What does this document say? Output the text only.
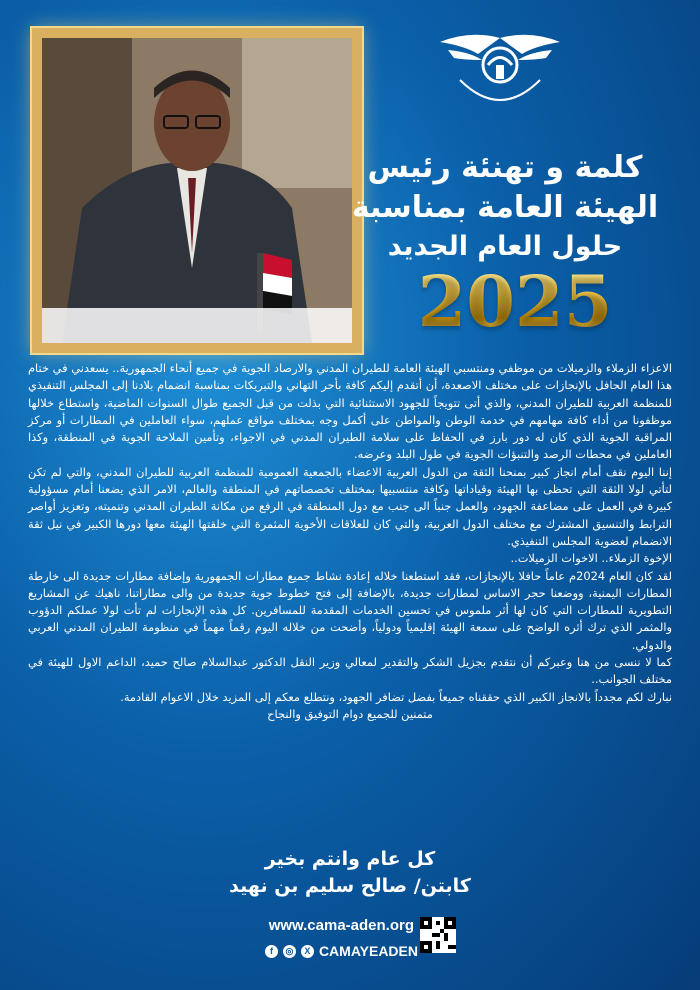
كلمة و تهنئة رئيس
الهيئة العامة بمناسبة
حلول العام الجديد
2025

الاعزاء الزملاء والزميلات من موظفي ومنتسبي الهيئة العامة للطيران المدني والارصاد الجوية في جميع أنحاء الجمهورية.. يسعدني في ختام هذا العام الحافل بالإنجازات على مختلف الاصعدة، أن أتقدم إليكم كافة بأحر التهاني والتبريكات بمناسبة انضمام بلادنا إلى المجلس التنفيذي للمنظمة العربية للطيران المدني، والذي أتى تتويجاً للجهود الاستثنائية التي بذلت من قبل الجميع طوال السنوات الماضية، واستطاع خلالها موظفونا من أداء كافة مهامهم في خدمة الوطن والمواطن على أكمل وجه بمختلف مواقع عملهم، سواء العاملين في المطارات أو مركز المراقبة الجوية الذي كان له دور بارز في الحفاظ على سلامة الطيران المدني في الاجواء، وتأمين الملاحة الجوية في المنطقة، وكذا العاملين في محطات الرصد والتنبؤات الجوية في طول البلد وعرضه.

إننا اليوم نقف أمام انجاز كبير بمنحنا الثقة من الدول العربية الاعضاء بالجمعية العمومية للمنظمة العربية للطيران المدني، والتي لم تكن لتأتي لولا الثقة التي تحظى بها الهيئة وقياداتها وكافة منتسبيها بمختلف تخصصاتهم في المنطقة والعالم، الامر الذي يضعنا أمام مسؤولية كبيرة في العمل على مضاعفة الجهود، والعمل جنباً الى جنب مع دول المنطقة في الرفع من مكانة الطيران المدني وتنميته، وتعزيز أواصر الترابط والتنسيق المشترك مع مختلف الدول العربية، والتي كان للعلاقات الأخوية المثمرة التي خلقتها الهيئة معها دورها الكبير في نيل ثقة الانضمام لعضوية المجلس التنفيذي.

الإخوة الزملاء.. الاخوات الزميلات..

لقد كان العام 2024م عاماً حافلا بالإنجازات، فقد استطعنا خلاله إعادة نشاط جميع مطارات الجمهورية وإضافة مطارات جديدة الى خارطة المطارات اليمنية، ووضعنا حجر الاساس لمطارات جديدة، بالإضافة إلى فتح خطوط جوية جديدة من والى مطاراتنا، ناهيك عن المشاريع التطويرية للمطارات التي كان لها أثر ملموس في تحسين الخدمات المقدمة للمسافرين. كل هذه الإنجازات لم تأت لولا عملكم الدؤوب والمثمر الذي ترك أثره الواضح على سمعة الهيئة إقليمياً ودولياً، وأضحت من خلاله اليوم رقماً مهماً في منظومة الطيران المدني العربي والدولي.

كما لا ننسى من هنا وعبركم أن نتقدم بجزيل الشكر والتقدير لمعالي وزير النقل الدكتور عبدالسلام صالح حميد، الداعم الاول للهيئة في مختلف الجوانب..

نبارك لكم مجدداً بالانجاز الكبير الذي حققناه جميعاً بفضل تضافر الجهود، ونتطلع معكم إلى المزيد خلال الاعوام القادمة.

متمنين للجميع دوام التوفيق والنجاح

كل عام وانتم بخير
كابتن/ صالح سليم بن نهيد
www.cama-aden.org
f	◎	X CAMAYEADEN
